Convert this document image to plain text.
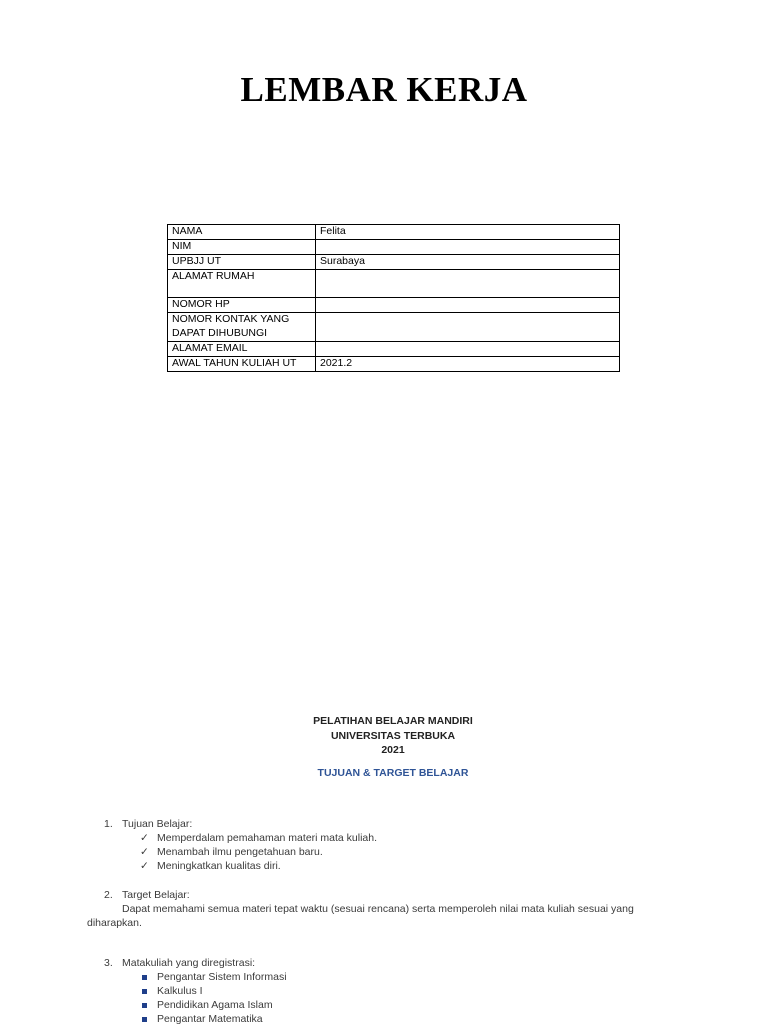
LEMBAR KERJA
NAMA	Felita
NIM	
UPBJJ UT	Surabaya
ALAMAT RUMAH	
NOMOR HP	
NOMOR KONTAK YANG DAPAT DIHUBUNGI	
ALAMAT EMAIL	
AWAL TAHUN KULIAH UT	2021.2
PELATIHAN BELAJAR MANDIRI
UNIVERSITAS TERBUKA
2021
TUJUAN & TARGET BELAJAR
1. Tujuan Belajar:
✓ Memperdalam pemahaman materi mata kuliah.
✓ Menambah ilmu pengetahuan baru.
✓ Meningkatkan kualitas diri.
2. Target Belajar:
Dapat memahami semua materi tepat waktu (sesuai rencana) serta memperoleh nilai mata kuliah sesuai yang
diharapkan.
3. Matakuliah yang diregistrasi:
Pengantar Sistem Informasi
Kalkulus I
Pendidikan Agama Islam
Pengantar Matematika
